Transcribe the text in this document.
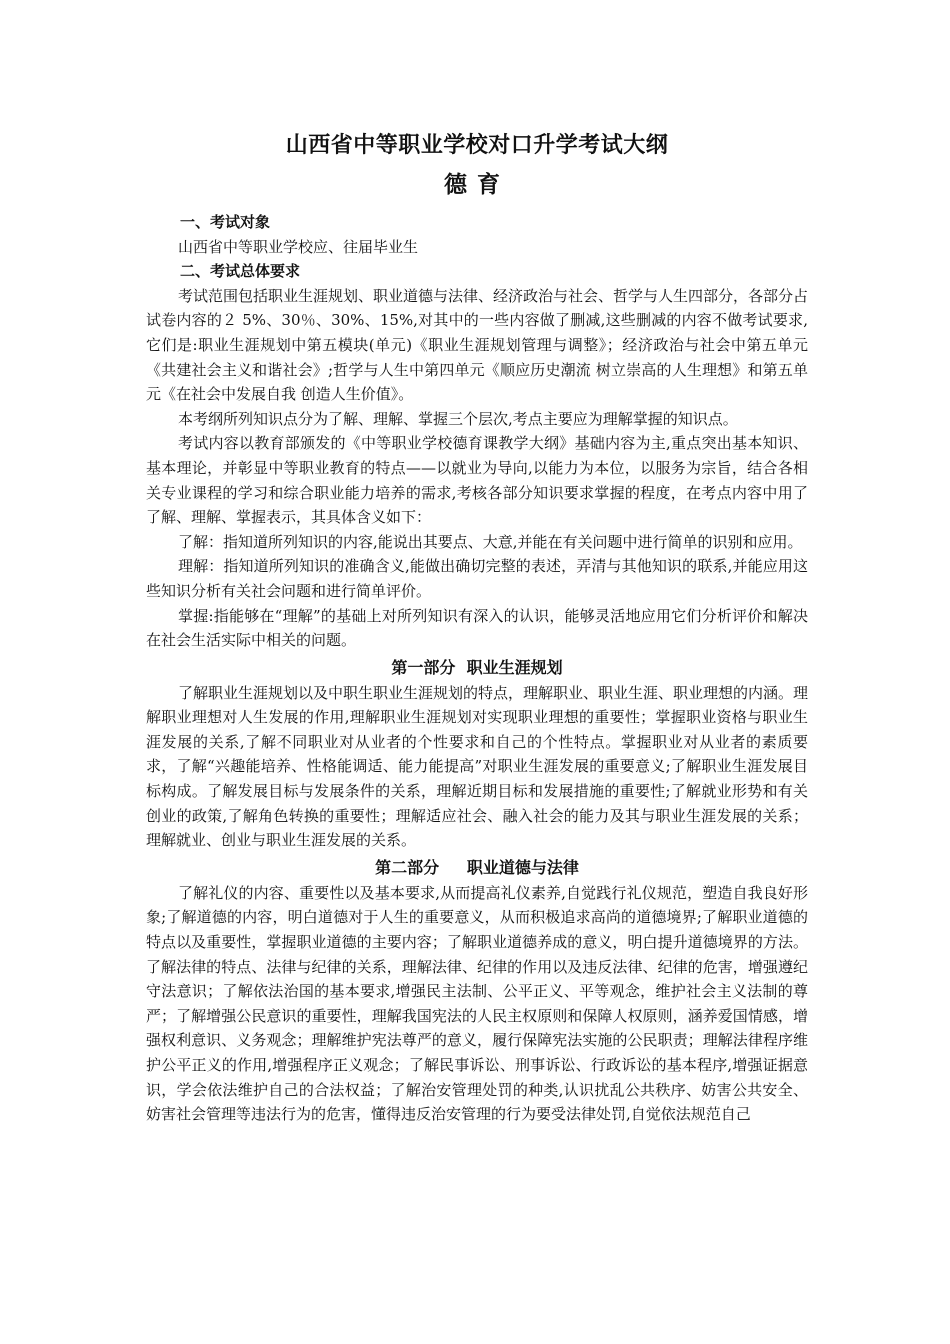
山西省中等职业学校对口升学考试大纲
德育
一、考试对象

山西省中等职业学校应、往届毕业生

二、考试总体要求

考试范围包括职业生涯规划、职业道德与法律、经济政治与社会、哲学与人生四部分，各部分占试卷内容的２ 5%、30％、30%、15%,对其中的一些内容做了删减,这些删减的内容不做考试要求,它们是:职业生涯规划中第五模块(单元)《职业生涯规划管理与调整》；经济政治与社会中第五单元《共建社会主义和谐社会》;哲学与人生中第四单元《顺应历史潮流 树立崇高的人生理想》和第五单元《在社会中发展自我 创造人生价值》。

本考纲所列知识点分为了解、理解、掌握三个层次,考点主要应为理解掌握的知识点。

考试内容以教育部颁发的《中等职业学校德育课教学大纲》基础内容为主,重点突出基本知识、基本理论，并彰显中等职业教育的特点——以就业为导向,以能力为本位，以服务为宗旨，结合各相关专业课程的学习和综合职业能力培养的需求,考核各部分知识要求掌握的程度，在考点内容中用了了解、理解、掌握表示，其具体含义如下：

了解：指知道所列知识的内容,能说出其要点、大意,并能在有关问题中进行简单的识别和应用。

理解：指知道所列知识的准确含义,能做出确切完整的表述，弄清与其他知识的联系,并能应用这些知识分析有关社会问题和进行简单评价。

掌握:指能够在“理解”的基础上对所列知识有深入的认识，能够灵活地应用它们分析评价和解决在社会生活实际中相关的问题。

第一部分  职业生涯规划

了解职业生涯规划以及中职生职业生涯规划的特点，理解职业、职业生涯、职业理想的内涵。理解职业理想对人生发展的作用,理解职业生涯规划对实现职业理想的重要性；掌握职业资格与职业生涯发展的关系,了解不同职业对从业者的个性要求和自己的个性特点。掌握职业对从业者的素质要求，了解“兴趣能培养、性格能调适、能力能提高”对职业生涯发展的重要意义;了解职业生涯发展目标构成。了解发展目标与发展条件的关系，理解近期目标和发展措施的重要性;了解就业形势和有关创业的政策,了解角色转换的重要性；理解适应社会、融入社会的能力及其与职业生涯发展的关系；理解就业、创业与职业生涯发展的关系。

第二部分     职业道德与法律

了解礼仪的内容、重要性以及基本要求,从而提高礼仪素养,自觉践行礼仪规范，塑造自我良好形象;了解道德的内容，明白道德对于人生的重要意义，从而积极追求高尚的道德境界;了解职业道德的特点以及重要性，掌握职业道德的主要内容；了解职业道德养成的意义，明白提升道德境界的方法。了解法律的特点、法律与纪律的关系，理解法律、纪律的作用以及违反法律、纪律的危害，增强遵纪守法意识；了解依法治国的基本要求,增强民主法制、公平正义、平等观念，维护社会主义法制的尊严；了解增强公民意识的重要性，理解我国宪法的人民主权原则和保障人权原则，涵养爱国情感，增强权利意识、义务观念；理解维护宪法尊严的意义，履行保障宪法实施的公民职责；理解法律程序维护公平正义的作用,增强程序正义观念；了解民事诉讼、刑事诉讼、行政诉讼的基本程序,增强证据意识，学会依法维护自己的合法权益；了解治安管理处罚的种类,认识扰乱公共秩序、妨害公共安全、妨害社会管理等违法行为的危害，懂得违反治安管理的行为要受法律处罚,自觉依法规范自己
